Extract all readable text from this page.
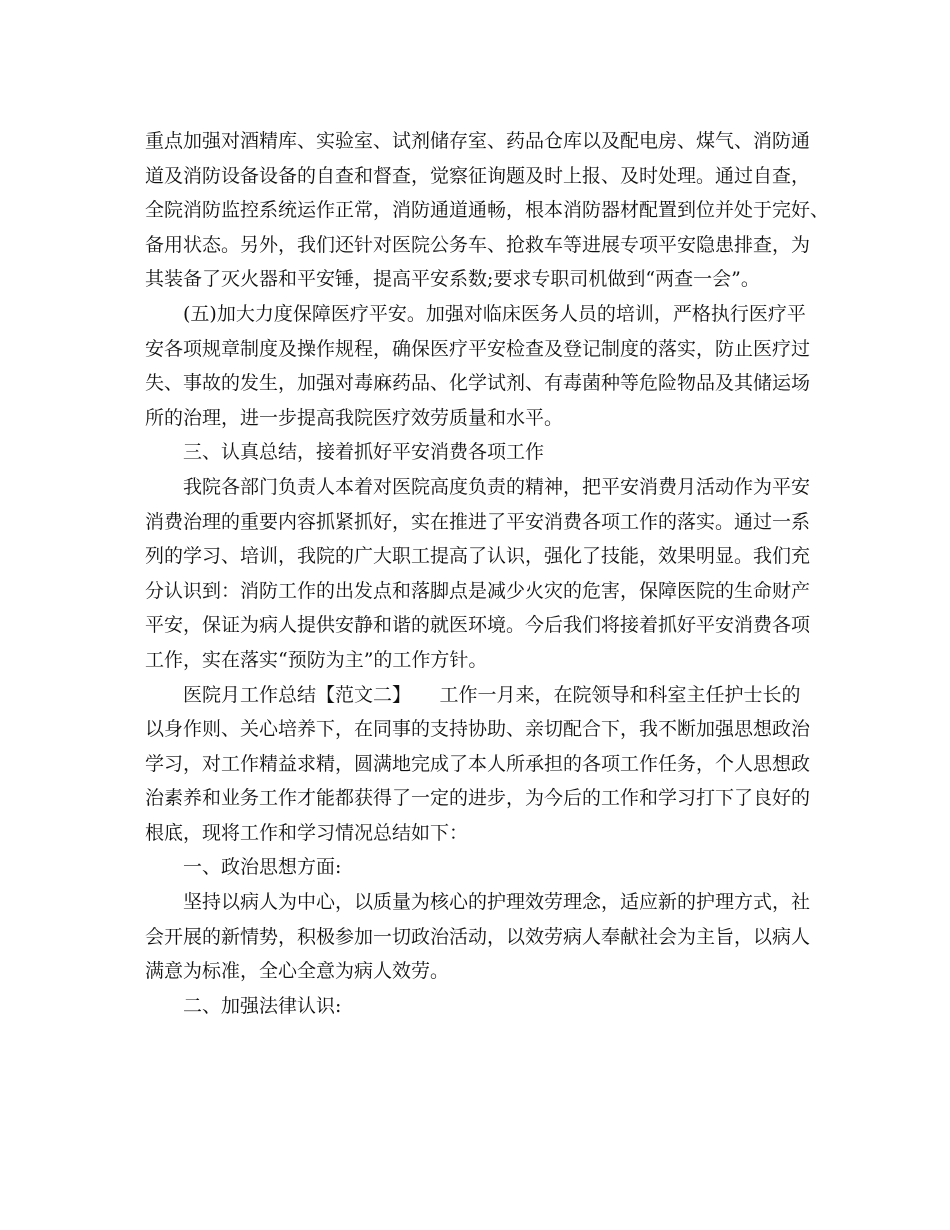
重点加强对酒精库、实验室、试剂储存室、药品仓库以及配电房、煤气、消防通
道及消防设备设备的自查和督查，觉察征询题及时上报、及时处理。通过自查，
全院消防监控系统运作正常，消防通道通畅，根本消防器材配置到位并处于完好、
备用状态。另外，我们还针对医院公务车、抢救车等进展专项平安隐患排查，为
其装备了灭火器和平安锤，提高平安系数;要求专职司机做到“两查一会”。
(五)加大力度保障医疗平安。加强对临床医务人员的培训，严格执行医疗平
安各项规章制度及操作规程，确保医疗平安检查及登记制度的落实，防止医疗过
失、事故的发生，加强对毒麻药品、化学试剂、有毒菌种等危险物品及其储运场
所的治理，进一步提高我院医疗效劳质量和水平。
三、认真总结，接着抓好平安消费各项工作
我院各部门负责人本着对医院高度负责的精神，把平安消费月活动作为平安
消费治理的重要内容抓紧抓好，实在推进了平安消费各项工作的落实。通过一系
列的学习、培训，我院的广大职工提高了认识，强化了技能，效果明显。我们充
分认识到：消防工作的出发点和落脚点是减少火灾的危害，保障医院的生命财产
平安，保证为病人提供安静和谐的就医环境。今后我们将接着抓好平安消费各项
工作，实在落实“预防为主”的工作方针。
医院月工作总结【范文二】　　工作一月来，在院领导和科室主任护士长的
以身作则、关心培养下，在同事的支持协助、亲切配合下，我不断加强思想政治
学习，对工作精益求精，圆满地完成了本人所承担的各项工作任务，个人思想政
治素养和业务工作才能都获得了一定的进步，为今后的工作和学习打下了良好的
根底，现将工作和学习情况总结如下：
一、政治思想方面:
坚持以病人为中心，以质量为核心的护理效劳理念，适应新的护理方式，社
会开展的新情势，积极参加一切政治活动，以效劳病人奉献社会为主旨，以病人
满意为标准，全心全意为病人效劳。
二、加强法律认识:
